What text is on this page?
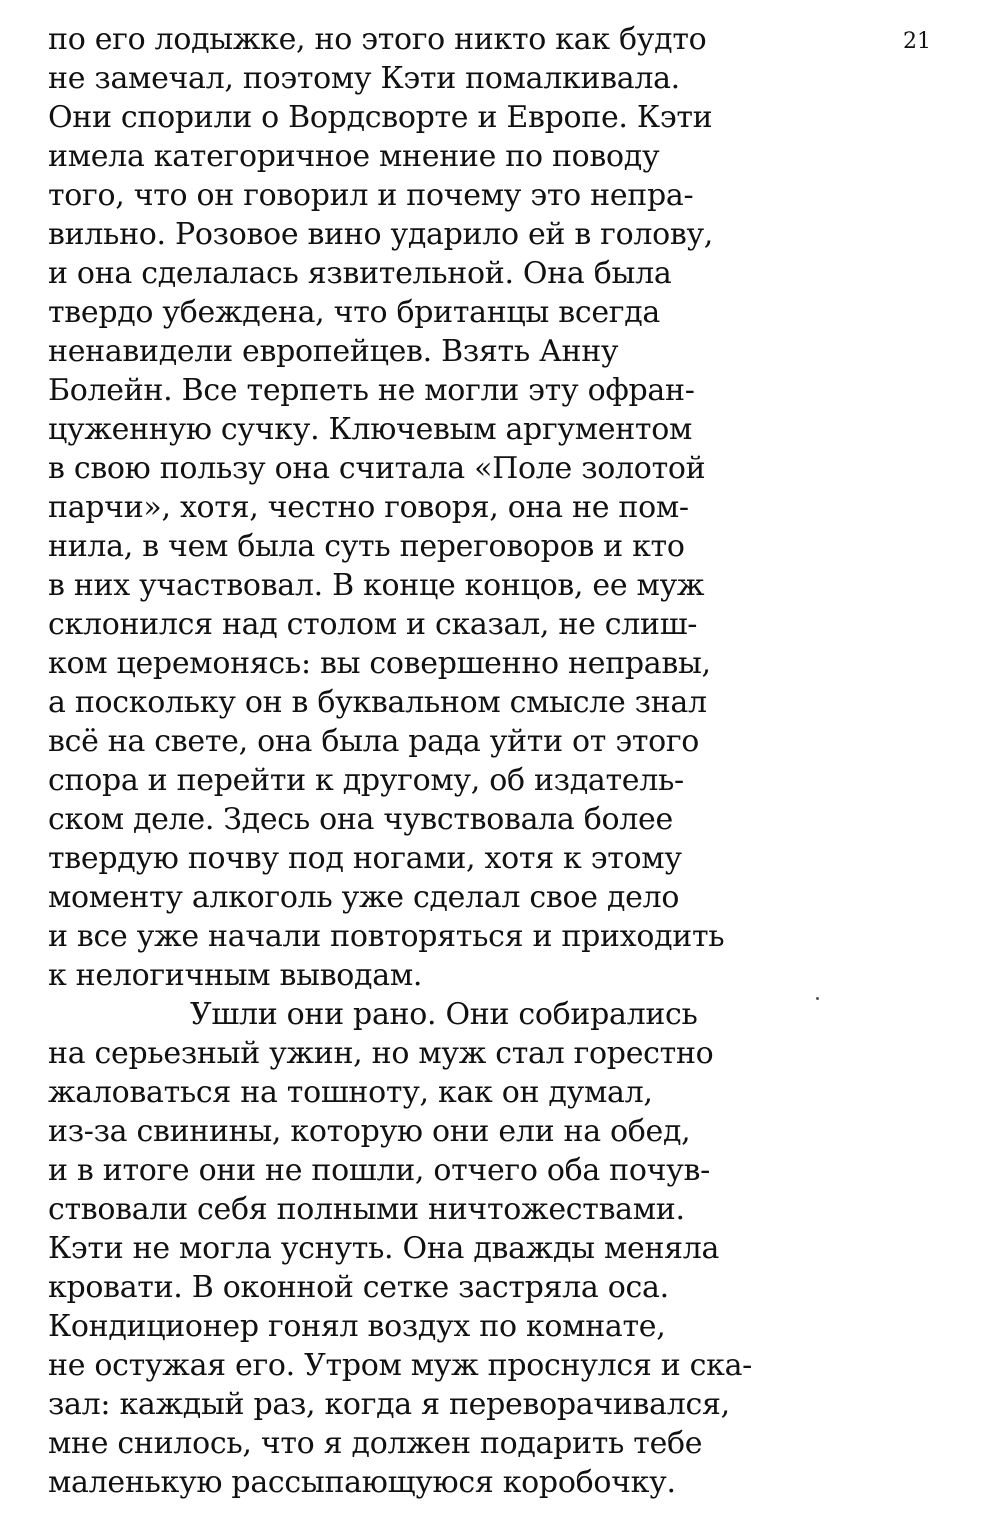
21
по его лодыжке, но этого никто как будто
не замечал, поэтому Кэти помалкивала.
Они спорили о Вордсворте и Европе. Кэти
имела категоричное мнение по поводу
того, что он говорил и почему это непра-
вильно. Розовое вино ударило ей в голову,
и она сделалась язвительной. Она была
твердо убеждена, что британцы всегда
ненавидели европейцев. Взять Анну
Болейн. Все терпеть не могли эту офран-
цуженную сучку. Ключевым аргументом
в свою пользу она считала «Поле золотой
парчи», хотя, честно говоря, она не пом-
нила, в чем была суть переговоров и кто
в них участвовал. В конце концов, ее муж
склонился над столом и сказал, не слиш-
ком церемонясь: вы совершенно неправы,
а поскольку он в буквальном смысле знал
всё на свете, она была рада уйти от этого
спора и перейти к другому, об издатель-
ском деле. Здесь она чувствовала более
твердую почву под ногами, хотя к этому
моменту алкоголь уже сделал свое дело
и все уже начали повторяться и приходить
к нелогичным выводам.
Ушли они рано. Они собирались
на серьезный ужин, но муж стал горестно
жаловаться на тошноту, как он думал,
из-за свинины, которую они ели на обед,
и в итоге они не пошли, отчего оба почув-
ствовали себя полными ничтожествами.
Кэти не могла уснуть. Она дважды меняла
кровати. В оконной сетке застряла оса.
Кондиционер гонял воздух по комнате,
не остужая его. Утром муж проснулся и ска-
зал: каждый раз, когда я переворачивался,
мне снилось, что я должен подарить тебе
маленькую рассыпающуюся коробочку.
